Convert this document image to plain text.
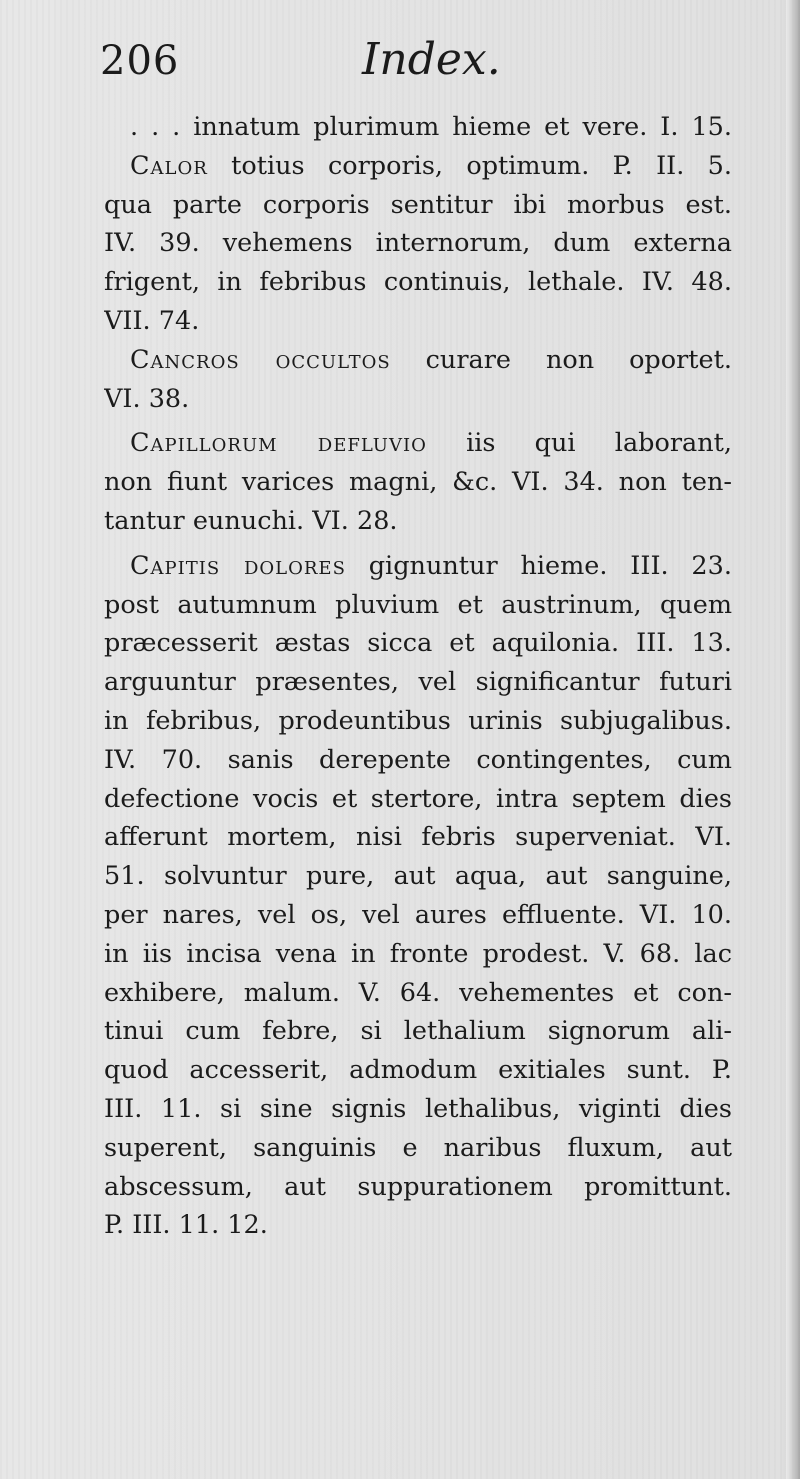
206	Index.
. . . innatum plurimum hieme et vere. I. 15.
Calor totius corporis, optimum. P. II. 5.
qua parte corporis sentitur ibi morbus est.
IV. 39. vehemens internorum, dum externa
frigent, in febribus continuis, lethale. IV. 48.
VII. 74.
Cancros occultos curare non oportet.
VI. 38.
Capillorum defluvio iis qui laborant,
non fiunt varices magni, &c. VI. 34. non ten-
tantur eunuchi. VI. 28.
Capitis dolores gignuntur hieme. III. 23.
post autumnum pluvium et austrinum, quem
præcesserit æstas sicca et aquilonia. III. 13.
arguuntur præsentes, vel significantur futuri
in febribus, prodeuntibus urinis subjugalibus.
IV. 70. sanis derepente contingentes, cum
defectione vocis et stertore, intra septem dies
afferunt mortem, nisi febris superveniat. VI.
51. solvuntur pure, aut aqua, aut sanguine,
per nares, vel os, vel aures effluente. VI. 10.
in iis incisa vena in fronte prodest. V. 68. lac
exhibere, malum. V. 64. vehementes et con-
tinui cum febre, si lethalium signorum ali-
quod accesserit, admodum exitiales sunt. P.
III. 11. si sine signis lethalibus, viginti dies
superent, sanguinis e naribus fluxum, aut
abscessum, aut suppurationem promittunt.
P. III. 11. 12.
